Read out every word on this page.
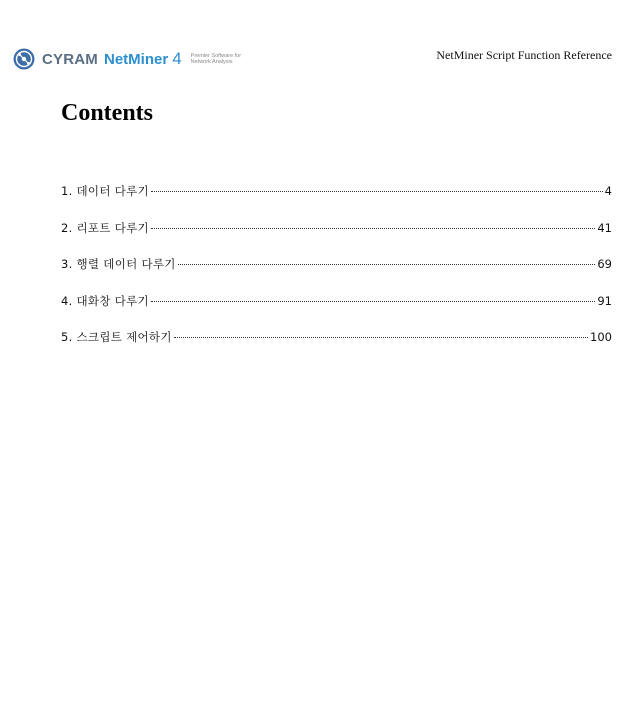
CYRAM NetMiner 4 Premier Software for
Network Analysis	NetMiner Script Function Reference
Contents
1. 데이터 다루기	4
2. 리포트 다루기	41
3. 행렬 데이터 다루기	69
4. 대화창 다루기	91
5. 스크립트 제어하기	100
